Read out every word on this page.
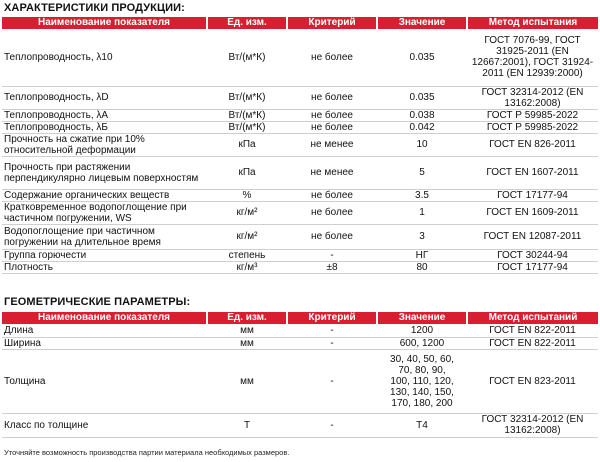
ХАРАКТЕРИСТИКИ ПРОДУКЦИИ:
Наименование показателя	Ед. изм.	Критерий	Значение	Метод испытания
Теплопроводность, λ10	Вт/(м*К)	не более	0.035	ГОСТ 7076-99, ГОСТ 31925-2011 (EN 12667:2001), ГОСТ 31924-2011 (EN 12939:2000)
Теплопроводность, λD	Вт/(м*К)	не более	0.035	ГОСТ 32314-2012 (EN 13162:2008)
Теплопроводность, λА	Вт/(м*К)	не более	0.038	ГОСТ Р 59985-2022
Теплопроводность, λБ	Вт/(м*К)	не более	0.042	ГОСТ Р 59985-2022
Прочность на сжатие при 10% относительной деформации	кПа	не менее	10	ГОСТ EN 826-2011
Прочность при растяжении перпендикулярно лицевым поверхностям	кПа	не менее	5	ГОСТ EN 1607-2011
Содержание органических веществ	%	не более	3.5	ГОСТ 17177-94
Кратковременное водопоглощение при частичном погружении, WS	кг/м²	не более	1	ГОСТ EN 1609-2011
Водопоглощение при частичном погружении на длительное время	кг/м²	не более	3	ГОСТ EN 12087-2011
Группа горючести	степень	-	НГ	ГОСТ 30244-94
Плотность	кг/м³	±8	80	ГОСТ 17177-94
ГЕОМЕТРИЧЕСКИЕ ПАРАМЕТРЫ:
Наименование показателя	Ед. изм.	Критерий	Значение	Метод испытаний
Длина	мм	-	1200	ГОСТ EN 822-2011
Ширина	мм	-	600, 1200	ГОСТ EN 822-2011
Толщина	мм	-	30, 40, 50, 60, 70, 80, 90, 100, 110, 120, 130, 140, 150, 170, 180, 200	ГОСТ EN 823-2011
Класс по толщине	Т	-	T4	ГОСТ 32314-2012 (EN 13162:2008)
Уточняйте возможность производства партии материала необходимых размеров.
